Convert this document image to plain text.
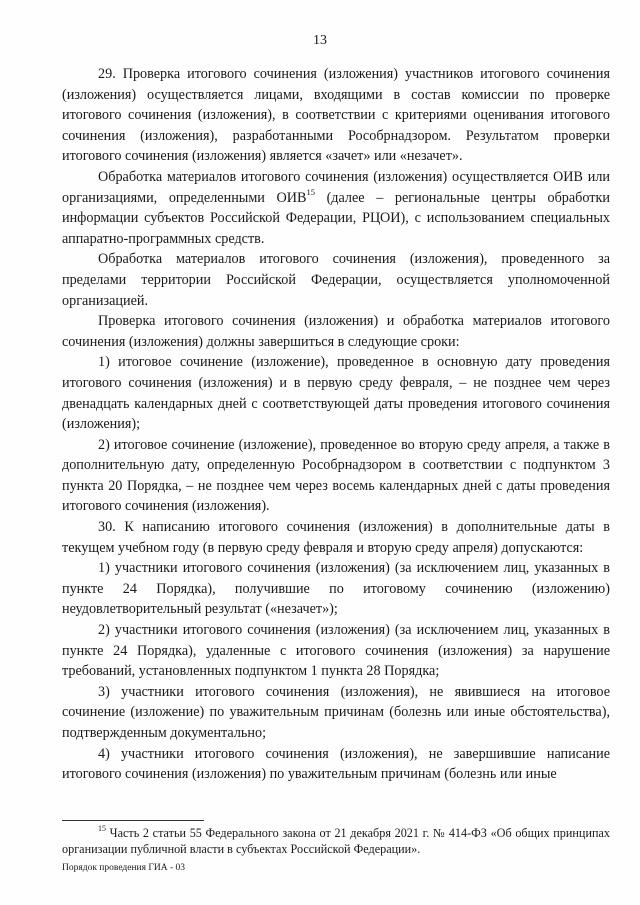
13

29. Проверка итогового сочинения (изложения) участников итогового сочинения (изложения) осуществляется лицами, входящими в состав комиссии по проверке итогового сочинения (изложения), в соответствии с критериями оценивания итогового сочинения (изложения), разработанными Рособрнадзором. Результатом проверки итогового сочинения (изложения) является «зачет» или «незачет».

Обработка материалов итогового сочинения (изложения) осуществляется ОИВ или организациями, определенными ОИВ$^{15}$ (далее – региональные центры обработки информации субъектов Российской Федерации, РЦОИ), с использованием специальных аппаратно-программных средств.

Обработка материалов итогового сочинения (изложения), проведенного за пределами территории Российской Федерации, осуществляется уполномоченной организацией.

Проверка итогового сочинения (изложения) и обработка материалов итогового сочинения (изложения) должны завершиться в следующие сроки:

1) итоговое сочинение (изложение), проведенное в основную дату проведения итогового сочинения (изложения) и в первую среду февраля, – не позднее чем через двенадцать календарных дней с соответствующей даты проведения итогового сочинения (изложения);

2) итоговое сочинение (изложение), проведенное во вторую среду апреля, а также в дополнительную дату, определенную Рособрнадзором в соответствии с подпунктом 3 пункта 20 Порядка, – не позднее чем через восемь календарных дней с даты проведения итогового сочинения (изложения).

30. К написанию итогового сочинения (изложения) в дополнительные даты в текущем учебном году (в первую среду февраля и вторую среду апреля) допускаются:

1) участники итогового сочинения (изложения) (за исключением лиц, указанных в пункте 24 Порядка), получившие по итоговому сочинению (изложению) неудовлетворительный результат («незачет»);

2) участники итогового сочинения (изложения) (за исключением лиц, указанных в пункте 24 Порядка), удаленные с итогового сочинения (изложения) за нарушение требований, установленных подпунктом 1 пункта 28 Порядка;

3) участники итогового сочинения (изложения), не явившиеся на итоговое сочинение (изложение) по уважительным причинам (болезнь или иные обстоятельства), подтвержденным документально;

4) участники итогового сочинения (изложения), не завершившие написание итогового сочинения (изложения) по уважительным причинам (болезнь или иные

$^{15}$ Часть 2 статьи 55 Федерального закона от 21 декабря 2021 г. № 414-ФЗ «Об общих принципах организации публичной власти в субъектах Российской Федерации».

Порядок проведения ГИА - 03
